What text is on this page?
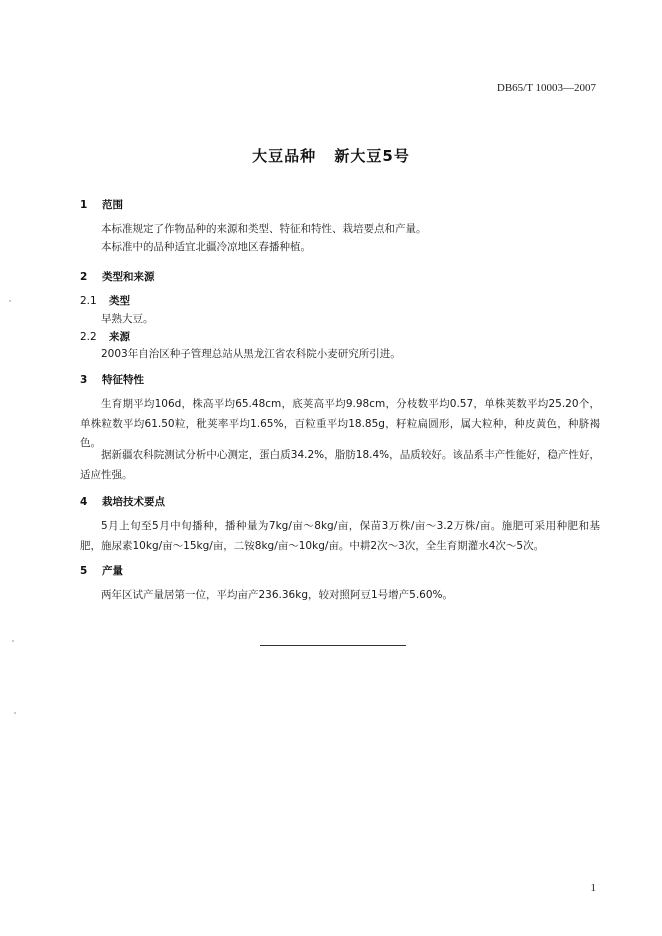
DB65/T 10003—2007
大豆品种 新大豆5号
1 范围
本标准规定了作物品种的来源和类型、特征和特性、栽培要点和产量。
本标准中的品种适宜北疆冷凉地区春播种植。
2 类型和来源
2.1 类型
早熟大豆。
2.2 来源
2003年自治区种子管理总站从黑龙江省农科院小麦研究所引进。
3 特征特性
生育期平均106d，株高平均65.48cm，底荚高平均9.98cm，分枝数平均0.57，单株荚数平均25.20个，单株粒数平均61.50粒，秕荚率平均1.65%，百粒重平均18.85g，籽粒扁圆形，属大粒种，种皮黄色，种脐褐色。
据新疆农科院测试分析中心测定，蛋白质34.2%，脂肪18.4%，品质较好。该品系丰产性能好，稳产性好，适应性强。
4 栽培技术要点
5月上旬至5月中旬播种，播种量为7kg/亩～8kg/亩，保苗3万株/亩～3.2万株/亩。施肥可采用种肥和基肥，施尿素10kg/亩～15kg/亩，二铵8kg/亩～10kg/亩。中耕2次～3次，全生育期灌水4次～5次。
5 产量
两年区试产量居第一位，平均亩产236.36kg，较对照阿豆1号增产5.60%。
1
